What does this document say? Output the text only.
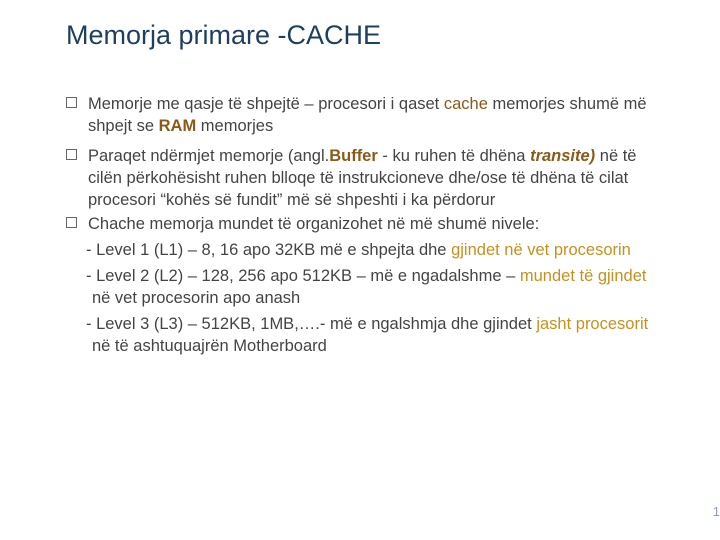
Memorja primare -CACHE
Memorje me qasje të shpejtë – procesori i qaset cache memorjes shumë më
shpejt se RAM memorjes
Paraqet ndërmjet memorje (angl.Buffer - ku ruhen të dhëna transite) në të
cilën përkohësisht ruhen blloqe të instrukcioneve dhe/ose të dhëna të cilat
procesori “kohës së fundit” më së shpeshti i ka përdorur
Chache memorja mundet të organizohet në më shumë nivele:
- Level 1 (L1) – 8, 16 apo 32KB më e shpejta dhe gjindet në vet procesorin
- Level 2 (L2) – 128, 256 apo 512KB – më e ngadalshme – mundet të gjindet
në vet procesorin apo anash
- Level 3 (L3) – 512KB, 1MB,….- më e ngalshmja dhe gjindet jasht procesorit
në të ashtuquajrën Motherboard
1
